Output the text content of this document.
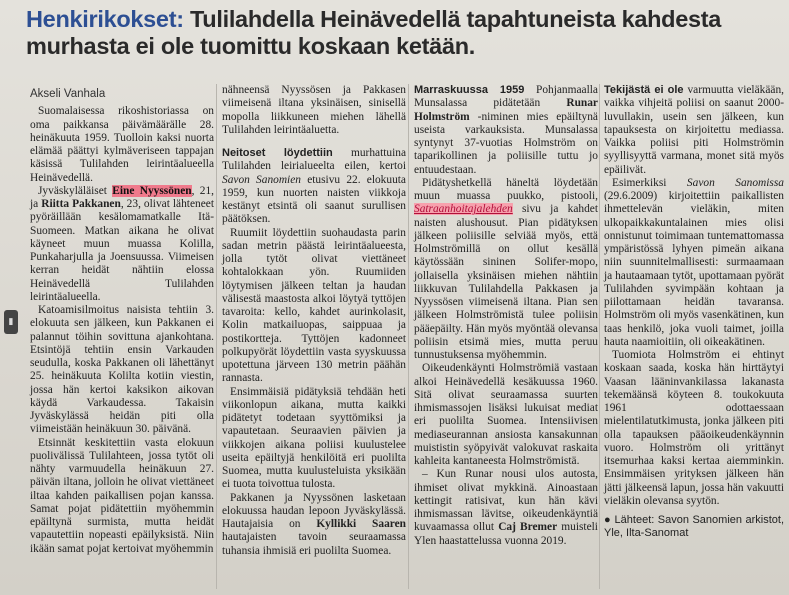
Henkirikokset: Tulilahdella Heinävedellä tapahtuneista kahdesta murhasta ei ole tuomittu koskaan ketään.
▮

Akseli Vanhala

Suomalaisessa rikoshistoriassa on oma paikkansa päivämäärälle 28. heinäkuuta 1959. Tuolloin kaksi nuorta elämää päättyi kylmäveriseen tappajan käsissä Tulilahden leirintäalueella Heinävedellä.

Jyväskyläläiset Eine Nyyssönen, 21, ja Riitta Pakkanen, 23, olivat lähteneet pyöräillään kesälomamatkalle Itä-Suomeen. Matkan aikana he olivat käyneet muun muassa Kolilla, Punkaharjulla ja Joensuussa. Viimeisen kerran heidät nähtiin elossa Heinävedellä Tulilahden leirintäalueella.

Katoamisilmoitus naisista tehtiin 3. elokuuta sen jälkeen, kun Pakkanen ei palannut töihin sovittuna ajankohtana. Etsintöjä tehtiin ensin Varkauden seudulla, koska Pakkanen oli lähettänyt 25. heinäkuuta Kolilta kotiin viestin, jossa hän kertoi kaksikon aikovan käydä Varkaudessa. Takaisin Jyväskylässä heidän piti olla viimeistään heinäkuun 30. päivänä.

Etsinnät keskitettiin vasta elokuun puolivälissä Tulilahteen, jossa tytöt oli nähty varmuudella heinäkuun 27. päivän iltana, jolloin he olivat viettäneet iltaa kahden paikallisen pojan kanssa. Samat pojat pidätettiin myöhemmin epäiltynä surmista, mutta heidät vapautettiin nopeasti epäilyksistä. Niin ikään samat pojat kertoivat myöhemmin

nähneensä Nyyssösen ja Pakkasen viimeisenä iltana yksinäisen, sinisellä mopolla liikkuneen miehen lähellä Tulilahden leirintäaluetta.

Neitoset löydettiin murhattuina Tulilahden leirialueelta eilen, kertoi Savon Sanomien etusivu 22. elokuuta 1959, kun nuorten naisten viikkoja kestänyt etsintä oli saanut surullisen päätöksen.

Ruumiit löydettiin suohaudasta parin sadan metrin päästä leirintäalueesta, jolla tytöt olivat viettäneet kohtalokkaan yön. Ruumiiden löytymisen jälkeen teltan ja haudan välisestä maastosta alkoi löytyä tyttöjen tavaroita: kello, kahdet aurinkolasit, Kolin matkailuopas, saippuaa ja postikortteja. Tyttöjen kadonneet polkupyörät löydettiin vasta syyskuussa upotettuna järveen 130 metrin päähän rannasta.

Ensimmäisiä pidätyksiä tehdään heti viikonlopun aikana, mutta kaikki pidätetyt todetaan syyttömiksi ja vapautetaan. Seuraavien päivien ja viikkojen aikana poliisi kuulustelee useita epäiltyjä henkilöitä eri puolilta Suomea, mutta kuulusteluista yksikään ei tuota toivottua tulosta.

Pakkanen ja Nyyssönen lasketaan elokuussa haudan lepoon Jyväskylässä. Hautajaisia on Kyllikki Saaren hautajaisten tavoin seuraamassa tuhansia ihmisiä eri puolilta Suomea.

Marraskuussa 1959 Pohjanmaalla Munsalassa pidätetään Runar Holmström -niminen mies epäiltynä useista varkauksista. Munsalassa syntynyt 37-vuotias Holmström on taparikollinen ja poliisille tuttu jo entuudestaan.

Pidätyshetkellä häneltä löydetään muun muassa puukko, pistooli, Satraanhoitajalehden sivu ja kahdet naisten alushousut. Pian pidätyksen jälkeen poliisille selviää myös, että Holmströmillä on ollut kesällä käytössään sininen Solifer-mopo, jollaisella yksinäisen miehen nähtiin liikkuvan Tulilahdella Pakkasen ja Nyyssösen viimeisenä iltana. Pian sen jälkeen Holmströmistä tulee poliisin pääepäilty. Hän myös myöntää olevansa poliisin etsimä mies, mutta peruu tunnustuksensa myöhemmin.

Oikeudenkäynti Holmströmiä vastaan alkoi Heinävedellä kesäkuussa 1960. Sitä olivat seuraamassa suurten ihmismassojen lisäksi lukuisat mediat eri puolilta Suomea. Intensiivisen mediaseurannan ansiosta kansakunnan muististin syöpyivät valokuvat raskaita kahleita kantaneesta Holmströmistä.

– Kun Runar nousi ulos autosta, ihmiset olivat mykkinä. Ainoastaan kettingit ratisivat, kun hän kävi ihmismassan lävitse, oikeudenkäyntiä kuvaamassa ollut Caj Bremer muisteli Ylen haastattelussa vuonna 2019.

Tekijästä ei ole varmuutta vieläkään, vaikka vihjeitä poliisi on saanut 2000-luvullakin, usein sen jälkeen, kun tapauksesta on kirjoitettu mediassa. Vaikka poliisi piti Holmströmin syyllisyyttä varmana, monet sitä myös epäilivät.

Esimerkiksi Savon Sanomissa (29.6.2009) kirjoitettiin paikallisten ihmettelevän vieläkin, miten ulkopaikkakuntalainen mies olisi onnistunut toimimaan tuntemattomassa ympäristössä lyhyen pimeän aikana niin suunnitelmallisesti: surmaamaan ja hautaamaan tytöt, upottamaan pyörät Tulilahden syvimpään kohtaan ja piilottamaan heidän tavaransa. Holmström oli myös vasenkätinen, kun taas henkilö, joka vuoli taimet, joilla hauta naamioitiin, oli oikeakätinen.

Tuomiota Holmström ei ehtinyt koskaan saada, koska hän hirttäytyi Vaasan lääninvankilassa lakanasta tekemäänsä köyteen 8. toukokuuta 1961 odottaessaan mielentilatutkimusta, jonka jälkeen piti olla tapauksen pääoikeudenkäynnin vuoro. Holmström oli yrittänyt itsemurhaa kaksi kertaa aiemminkin. Ensimmäisen yrityksen jälkeen hän jätti jälkeensä lapun, jossa hän vakuutti vieläkin olevansa syytön.

● Lähteet: Savon Sanomien arkistot, Yle, Ilta-Sanomat
